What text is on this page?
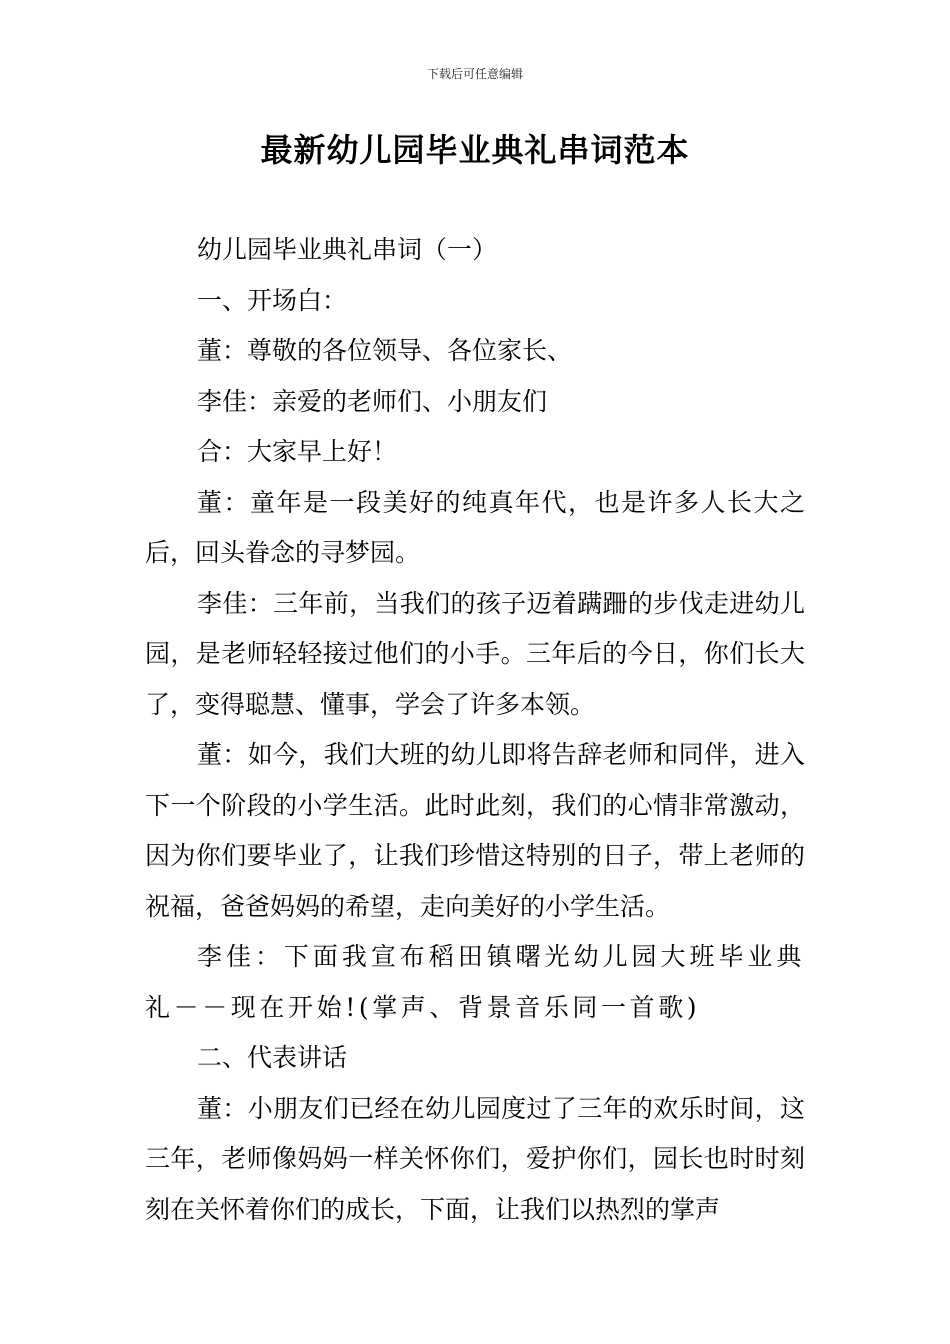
下载后可任意编辑
最新幼儿园毕业典礼串词范本

幼儿园毕业典礼串词（一）

一、开场白：

董：尊敬的各位领导、各位家长、

李佳：亲爱的老师们、小朋友们

合：大家早上好！

董：童年是一段美好的纯真年代，也是许多人长大之后，回头眷念的寻梦园。

李佳：三年前，当我们的孩子迈着蹒跚的步伐走进幼儿园，是老师轻轻接过他们的小手。三年后的今日，你们长大了，变得聪慧、懂事，学会了许多本领。

董：如今，我们大班的幼儿即将告辞老师和同伴，进入下一个阶段的小学生活。此时此刻，我们的心情非常激动，因为你们要毕业了，让我们珍惜这特别的日子，带上老师的祝福，爸爸妈妈的希望，走向美好的小学生活。

李佳：下面我宣布稻田镇曙光幼儿园大班毕业典礼－－现在开始!(掌声、背景音乐同一首歌)

二、代表讲话

董：小朋友们已经在幼儿园度过了三年的欢乐时间，这三年，老师像妈妈一样关怀你们，爱护你们，园长也时时刻刻在关怀着你们的成长，下面，让我们以热烈的掌声
